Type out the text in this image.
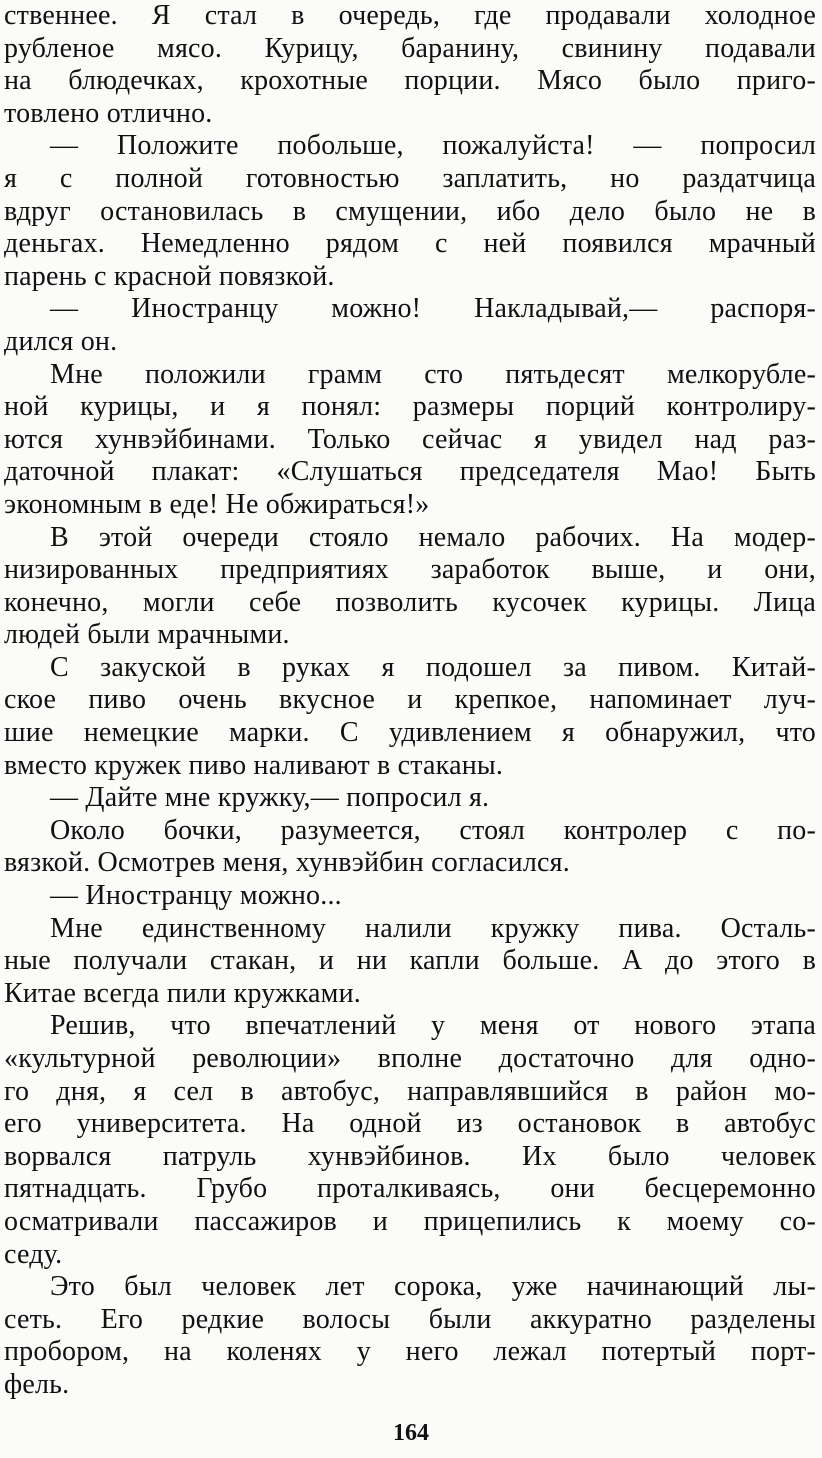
ственнее. Я стал в очередь, где продавали холодное
рубленое мясо. Курицу, баранину, свинину подавали
на блюдечках, крохотные порции. Мясо было приго-
товлено отлично.
— Положите побольше, пожалуйста! — попросил
я с полной готовностью заплатить, но раздатчица
вдруг остановилась в смущении, ибо дело было не в
деньгах. Немедленно рядом с ней появился мрачный
парень с красной повязкой.
— Иностранцу можно! Накладывай,— распоря-
дился он.
Мне положили грамм сто пятьдесят мелкорубле-
ной курицы, и я понял: размеры порций контролиру-
ются хунвэйбинами. Только сейчас я увидел над раз-
даточной плакат: «Слушаться председателя Мао! Быть
экономным в еде! Не обжираться!»
В этой очереди стояло немало рабочих. На модер-
низированных предприятиях заработок выше, и они,
конечно, могли себе позволить кусочек курицы. Лица
людей были мрачными.
С закуской в руках я подошел за пивом. Китай-
ское пиво очень вкусное и крепкое, напоминает луч-
шие немецкие марки. С удивлением я обнаружил, что
вместо кружек пиво наливают в стаканы.
— Дайте мне кружку,— попросил я.
Около бочки, разумеется, стоял контролер с по-
вязкой. Осмотрев меня, хунвэйбин согласился.
— Иностранцу можно...
Мне единственному налили кружку пива. Осталь-
ные получали стакан, и ни капли больше. А до этого в
Китае всегда пили кружками.
Решив, что впечатлений у меня от нового этапа
«культурной революции» вполне достаточно для одно-
го дня, я сел в автобус, направлявшийся в район мо-
его университета. На одной из остановок в автобус
ворвался патруль хунвэйбинов. Их было человек
пятнадцать. Грубо проталкиваясь, они бесцеремонно
осматривали пассажиров и прицепились к моему со-
седу.
Это был человек лет сорока, уже начинающий лы-
сеть. Его редкие волосы были аккуратно разделены
пробором, на коленях у него лежал потертый порт-
фель.
164
